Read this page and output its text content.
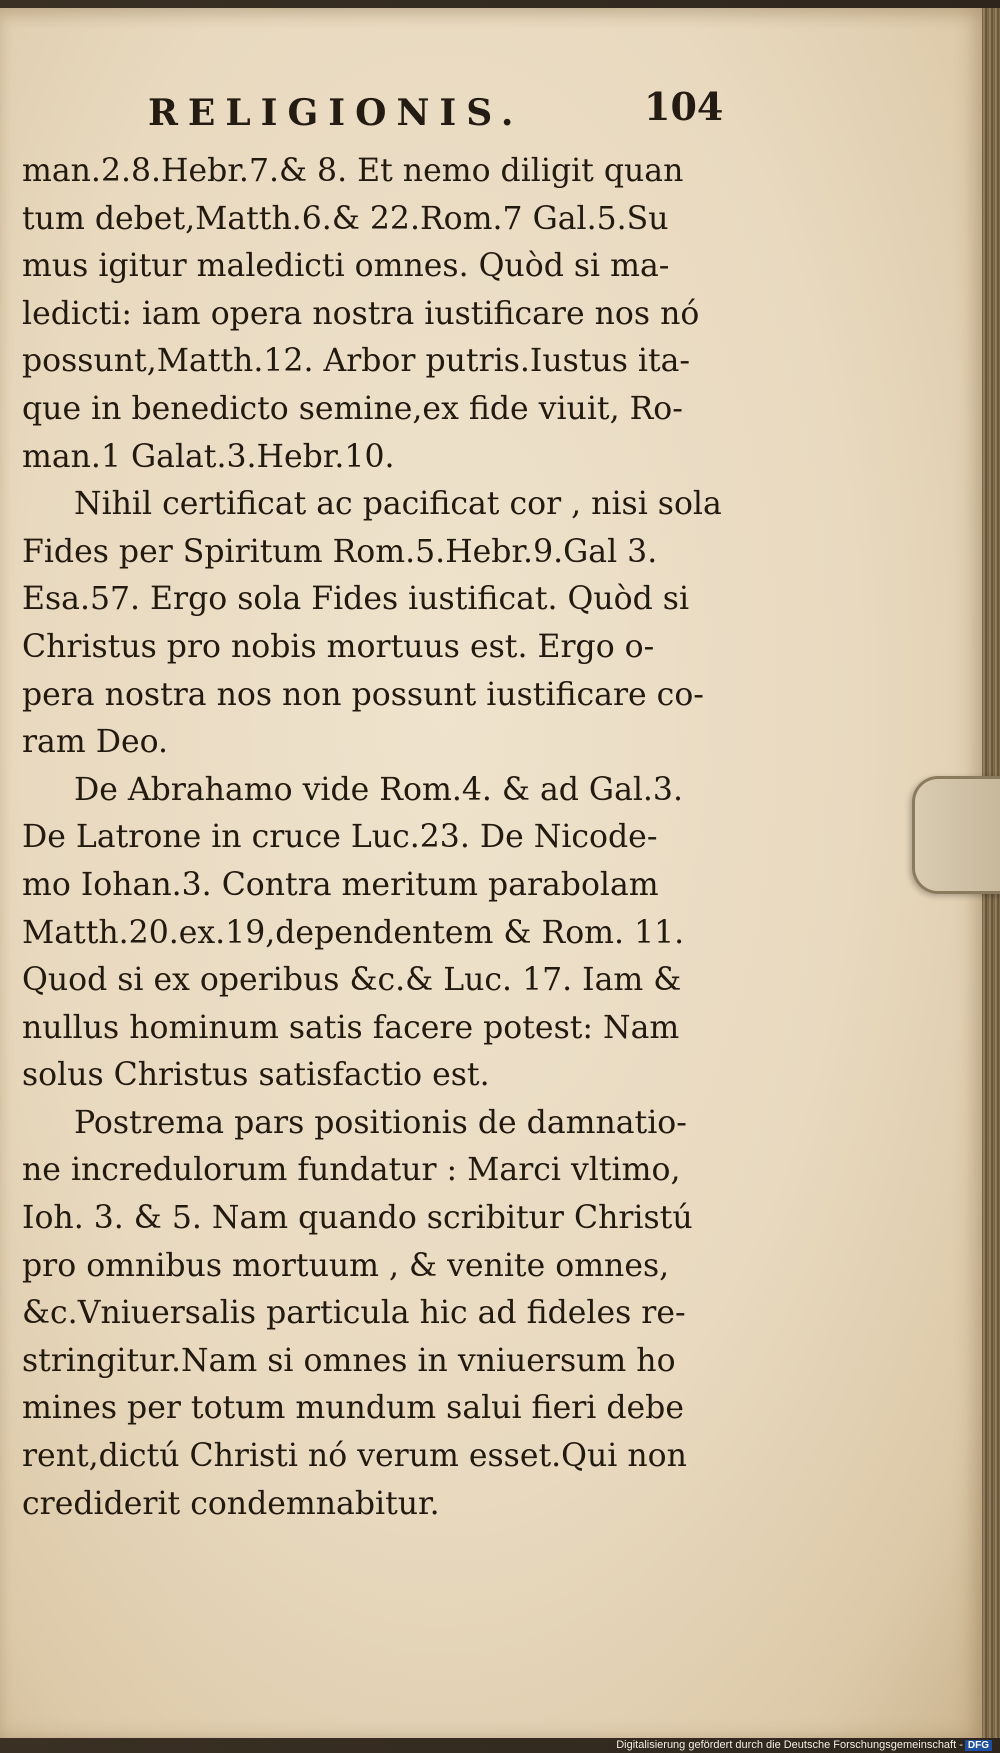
RELIGIONIS.	104
man.2.8.Hebr.7.& 8. Et nemo diligit quan
tum debet,Matth.6.& 22.Rom.7 Gal.5.Su
mus igitur maledicti omnes. Quòd si ma-
ledicti: iam opera nostra iustificare nos nó
possunt,Matth.12. Arbor putris.Iustus ita-
que in benedicto semine,ex fide viuit, Ro-
man.1 Galat.3.Hebr.10.
Nihil certificat ac pacificat cor , nisi sola
Fides per Spiritum Rom.5.Hebr.9.Gal 3.
Esa.57. Ergo sola Fides iustificat. Quòd si
Christus pro nobis mortuus est. Ergo o-
pera nostra nos non possunt iustificare co-
ram Deo.
De Abrahamo vide Rom.4. & ad Gal.3.
De Latrone in cruce Luc.23. De Nicode-
mo Iohan.3. Contra meritum parabolam
Matth.20.ex.19,dependentem & Rom. 11.
Quod si ex operibus &c.& Luc. 17. Iam &
nullus hominum satis facere potest: Nam
solus Christus satisfactio est.
Postrema pars positionis de damnatio-
ne incredulorum fundatur : Marci vltimo,
Ioh. 3. & 5. Nam quando scribitur Christú
pro omnibus mortuum , & venite omnes,
&c.Vniuersalis particula hic ad fideles re-
stringitur.Nam si omnes in vniuersum ho
mines per totum mundum salui fieri debe
rent,dictú Christi nó verum esset.Qui non
crediderit condemnabitur.
Digitalisierung gefördert durch die Deutsche Forschungsgemeinschaft - DFG
